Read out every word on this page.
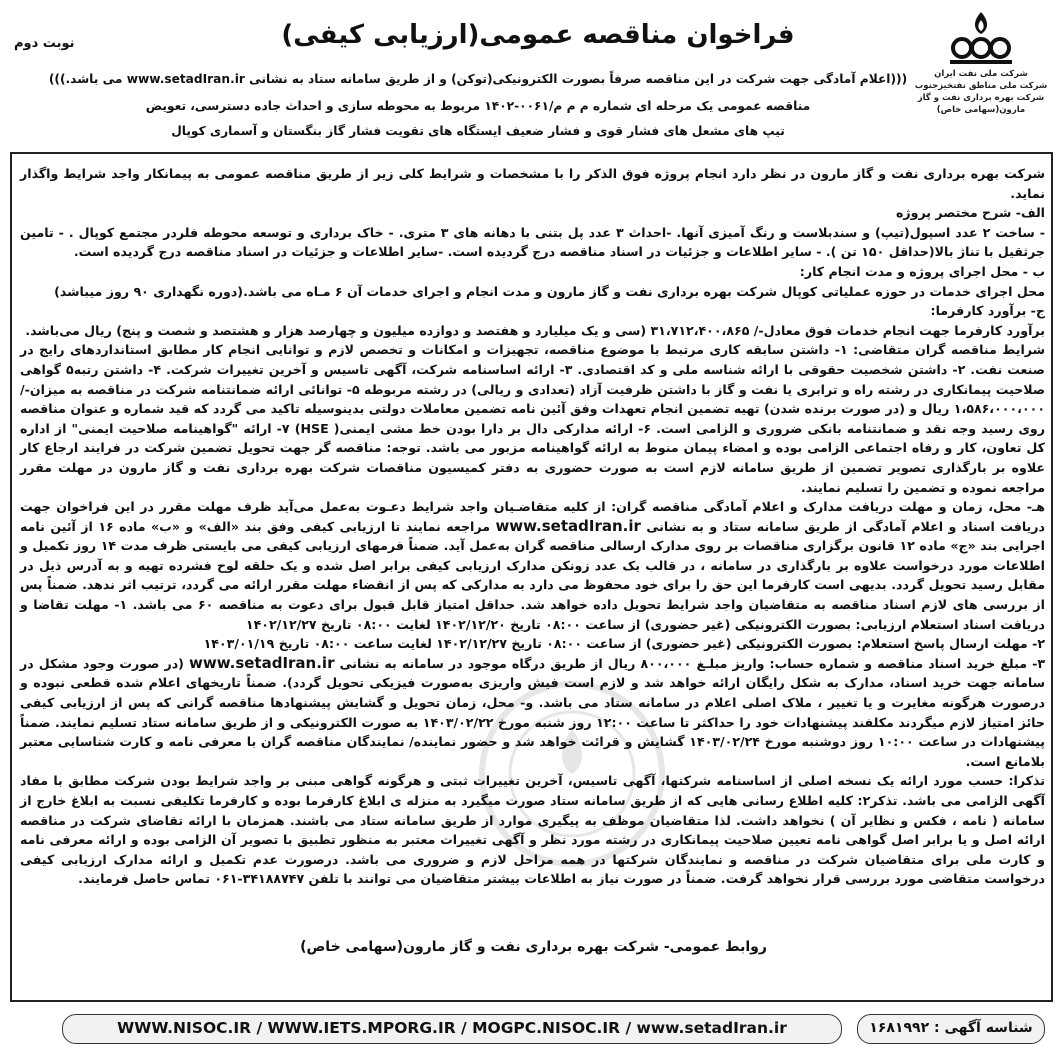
نوبت دوم	فراخوان مناقصه عمومی(ارزیابی کیفی)
(((اعلام آمادگی جهت شرکت در این مناقصه صرفاً بصورت الکترونیکی(توکن) و از طریق سامانه ستاد به نشانی www.setadIran.ir می باشد.)))
مناقصه عمومی یک مرحله ای شماره م م م/۰۰۶۱-۱۴۰۲ مربوط به محوطه سازی و احداث جاده دسترسی، تعویض
تیپ های مشعل های فشار قوی و فشار ضعیف ایستگاه های تقویت فشار گاز بنگستان و آسماری کوپال
شرکت ملی نفت ایران
شرکت ملی مناطق نفتخیزجنوب
شرکت بهره برداری نفت و گاز
مارون(سهامی خاص)

شرکت بهره برداری نفت و گاز مارون در نظر دارد انجام پروژه فوق الذکر را با مشخصات و شرایط کلی زیر از طریق مناقصه عمومی به پیمانکار واجد شرایط واگذار نماید.

الف- شرح مختصر پروژه

- ساخت ۲ عدد اسپول(تیپ) و سندبلاست و رنگ آمیزی آنها. -احداث ۳ عدد پل بتنی با دهانه های ۳ متری. - خاک برداری و توسعه محوطه فلردر مجتمع کوپال . - تامین جرثقیل با تناژ بالا(حداقل ۱۵۰ تن ). - سایر اطلاعات و جزئیات در اسناد مناقصه درج گردیده است. -سایر اطلاعات و جزئیات در اسناد مناقصه درج گردیده است.

ب - محل اجرای پروژه و مدت انجام کار:

محل اجرای خدمات در حوزه عملیاتی کوپال شرکت بهره برداری نفت و گاز مارون و مدت انجام و اجرای خدمات آن ۶ مـاه می باشد.(دوره نگهداری ۹۰ روز میباشد)

ج- برآورد کارفرما:

برآورد کارفرما جهت انجام خدمات فوق معادل-/ ۳۱،۷۱۲،۴۰۰،۸۶۵ (سی و یک میلیارد و هفتصد و دوازده میلیون و چهارصد هزار و هشتصد و شصت و پنج) ریال می‌باشد.

شرایط مناقصه گران متقاضی: ۱- داشتن سابقه کاری مرتبط با موضوع مناقصه، تجهیزات و امکانات و تخصص لازم و توانایی انجام کار مطابق استانداردهای رایج در صنعت نفت. ۲- داشتن شخصیت حقوقی با ارائه شناسه ملی و کد اقتصادی. ۳- ارائه اساسنامه شرکت، آگهی تاسیس و آخرین تغییرات شرکت. ۴- داشتن رتبه۵ گواهی صلاحیت پیمانکاری در رشته راه و ترابری یا نفت و گاز با داشتن ظرفیت آزاد (تعدادی و ریالی) در رشته مربوطه ۵- توانائی ارائه ضمانتنامه شرکت در مناقصه به میزان-/ ۱،۵۸۶،۰۰۰،۰۰۰ ریال و (در صورت برنده شدن) تهیه تضمین انجام تعهدات وفق آئین نامه تضمین معاملات دولتی بدینوسیله تاکید می گردد که قید شماره و عنوان مناقصه روی رسید وجه نقد و ضمانتنامه بانکی ضروری و الزامی است. ۶- ارائه مدارکی دال بر دارا بودن خط مشی ایمنی( HSE) ۷- ارائه "گواهینامه صلاحیت ایمنی" از اداره کل تعاون، کار و رفاه اجتماعی الزامی بوده و امضاء پیمان منوط به ارائه گواهینامه مزبور می باشد. توجه: مناقصه گر جهت تحویل تضمین شرکت در فرایند ارجاع کار علاوه بر بارگذاری تصویر تضمین از طریق سامانه لازم است به صورت حضوری به دفتر کمیسیون مناقصات شرکت بهره برداری نفت و گاز مارون در مهلت مقرر مراجعه نموده و تضمین را تسلیم نمایند.

هـ- محل، زمان و مهلت دریافت مدارک و اعلام آمادگی مناقصه گران: از کلیه متقاضـیان واجد شرایط دعـوت به‌عمل می‌آید ظرف مهلت مقرر در این فراخوان جهت دریافت اسناد و اعلام آمادگی از طریق سامانه ستاد و به نشانی www.setadIran.ir مراجعه نمایند تا ارزیابی کیفی وفق بند «الف» و «ب» ماده ۱۶ از آئین نامه اجرایی بند «ج» ماده ۱۲ قانون برگزاری مناقصات بر روی مدارک ارسالی مناقصه گران به‌عمل آید. ضمناً فرمهای ارزیابی کیفی می بایستی ظرف مدت ۱۴ روز تکمیل و اطلاعات مورد درخواست علاوه بر بارگذاری در سامانه ، در قالب یک عدد زونکن مدارک ارزیابی کیفی برابر اصل شده و یک حلقه لوح فشرده تهیه و به آدرس ذیل در مقابل رسید تحویل گردد. بدیهی است کارفرما این حق را برای خود محفوظ می دارد به مدارکی که پس از انقضاء مهلت مقرر ارائه می گردد، ترتیب اثر ندهد. ضمناً پس از بررسی های لازم اسناد مناقصه به متقاضیان واجد شرایط تحویل داده خواهد شد. حداقل امتیاز قابل قبول برای دعوت به مناقصه ۶۰ می باشد. ۱- مهلت تقاضا و دریافت اسناد استعلام ارزیابی: بصورت الکترونیکی (غیر حضوری) از ساعت ۰۸:۰۰ تاریخ ۱۴۰۲/۱۲/۲۰ لغایت ۰۸:۰۰ تاریخ ۱۴۰۲/۱۲/۲۷

۲- مهلت ارسال پاسخ استعلام: بصورت الکترونیکی (غیر حضوری) از ساعت ۰۸:۰۰ تاریخ ۱۴۰۲/۱۲/۲۷ لغایت ساعت ۰۸:۰۰ تاریخ ۱۴۰۳/۰۱/۱۹

۳- مبلغ خرید اسناد مناقصه و شماره حساب: واریز مبلـغ ۸۰۰،۰۰۰ ریال از طریق درگاه موجود در سامانه به نشانی www.setadIran.ir (در صورت وجود مشکل در سامانه جهت خرید اسناد، مدارک به شکل رایگان ارائه خواهد شد و لازم است فیش واریزی به‌صورت فیزیکی تحویل گردد). ضمناً تاریخهای اعلام شده قطعی نبوده و درصورت هرگونه مغایرت و یا تغییر ، ملاک اصلی اعلام در سامانه ستاد می باشد. و- محل، زمان تحویل و گشایش پیشنهادها مناقصه گرانی که پس از ارزیابی کیفی حائز امتیاز لازم میگردند مکلفند پیشنهادات خود را حداکثر تا ساعت ۱۲:۰۰ روز شنبه مورخ ۱۴۰۳/۰۲/۲۲ به صورت الکترونیکی و از طریق سامانه ستاد تسلیم نمایند. ضمناً پیشنهادات در ساعت ۱۰:۰۰ روز دوشنبه مورخ ۱۴۰۳/۰۲/۲۴ گشایش و قرائت خواهد شد و حضور نماینده/ نمایندگان مناقصه گران با معرفی نامه و کارت شناسایی معتبر بلامانع است.

تذکرا: حسب مورد ارائه یک نسخه اصلی از اساسنامه شرکتها، آگهی تاسیس، آخرین تغییرات ثبتی و هرگونه گواهی مبنی بر واجد شرایط بودن شرکت مطابق با مفاد آگهی الزامی می باشد. تذکر۲: کلیه اطلاع رسانی هایی که از طریق سامانه ستاد صورت میگیرد به منزله ی ابلاغ کارفرما بوده و کارفرما تکلیفی نسبت به ابلاغ خارج از سامانه ( نامه ، فکس و نظایر آن ) نخواهد داشت. لذا متقاضیان موظف به پیگیری موارد از طریق سامانه ستاد می باشند. همزمان با ارائه تقاضای شرکت در مناقصه ارائه اصل و یا برابر اصل گواهی نامه تعیین صلاحیت پیمانکاری در رشته مورد نظر و آگهی تغییرات معتبر به منظور تطبیق با تصویر آن الزامی بوده و ارائه معرفی نامه و کارت ملی برای متقاضیان شرکت در مناقصه و نمایندگان شرکتها در همه مراحل لازم و ضروری می باشد. درصورت عدم تکمیل و ارائه مدارک ارزیابی کیفی درخواست متقاضی مورد بررسی قرار نخواهد گرفت. ضمناً در صورت نیاز به اطلاعات بیشتر متقاضیان می توانند با تلفن ۳۴۱۸۸۷۴۷-۰۶۱ تماس حاصل فرمایند.

روابط عمومی- شرکت بهره برداری نفت و گاز مارون(سهامی خاص)
WWW.NISOC.IR / WWW.IETS.MPORG.IR / MOGPC.NISOC.IR / www.setadIran.ir	شناسه آگهی : ۱۶۸۱۹۹۲
